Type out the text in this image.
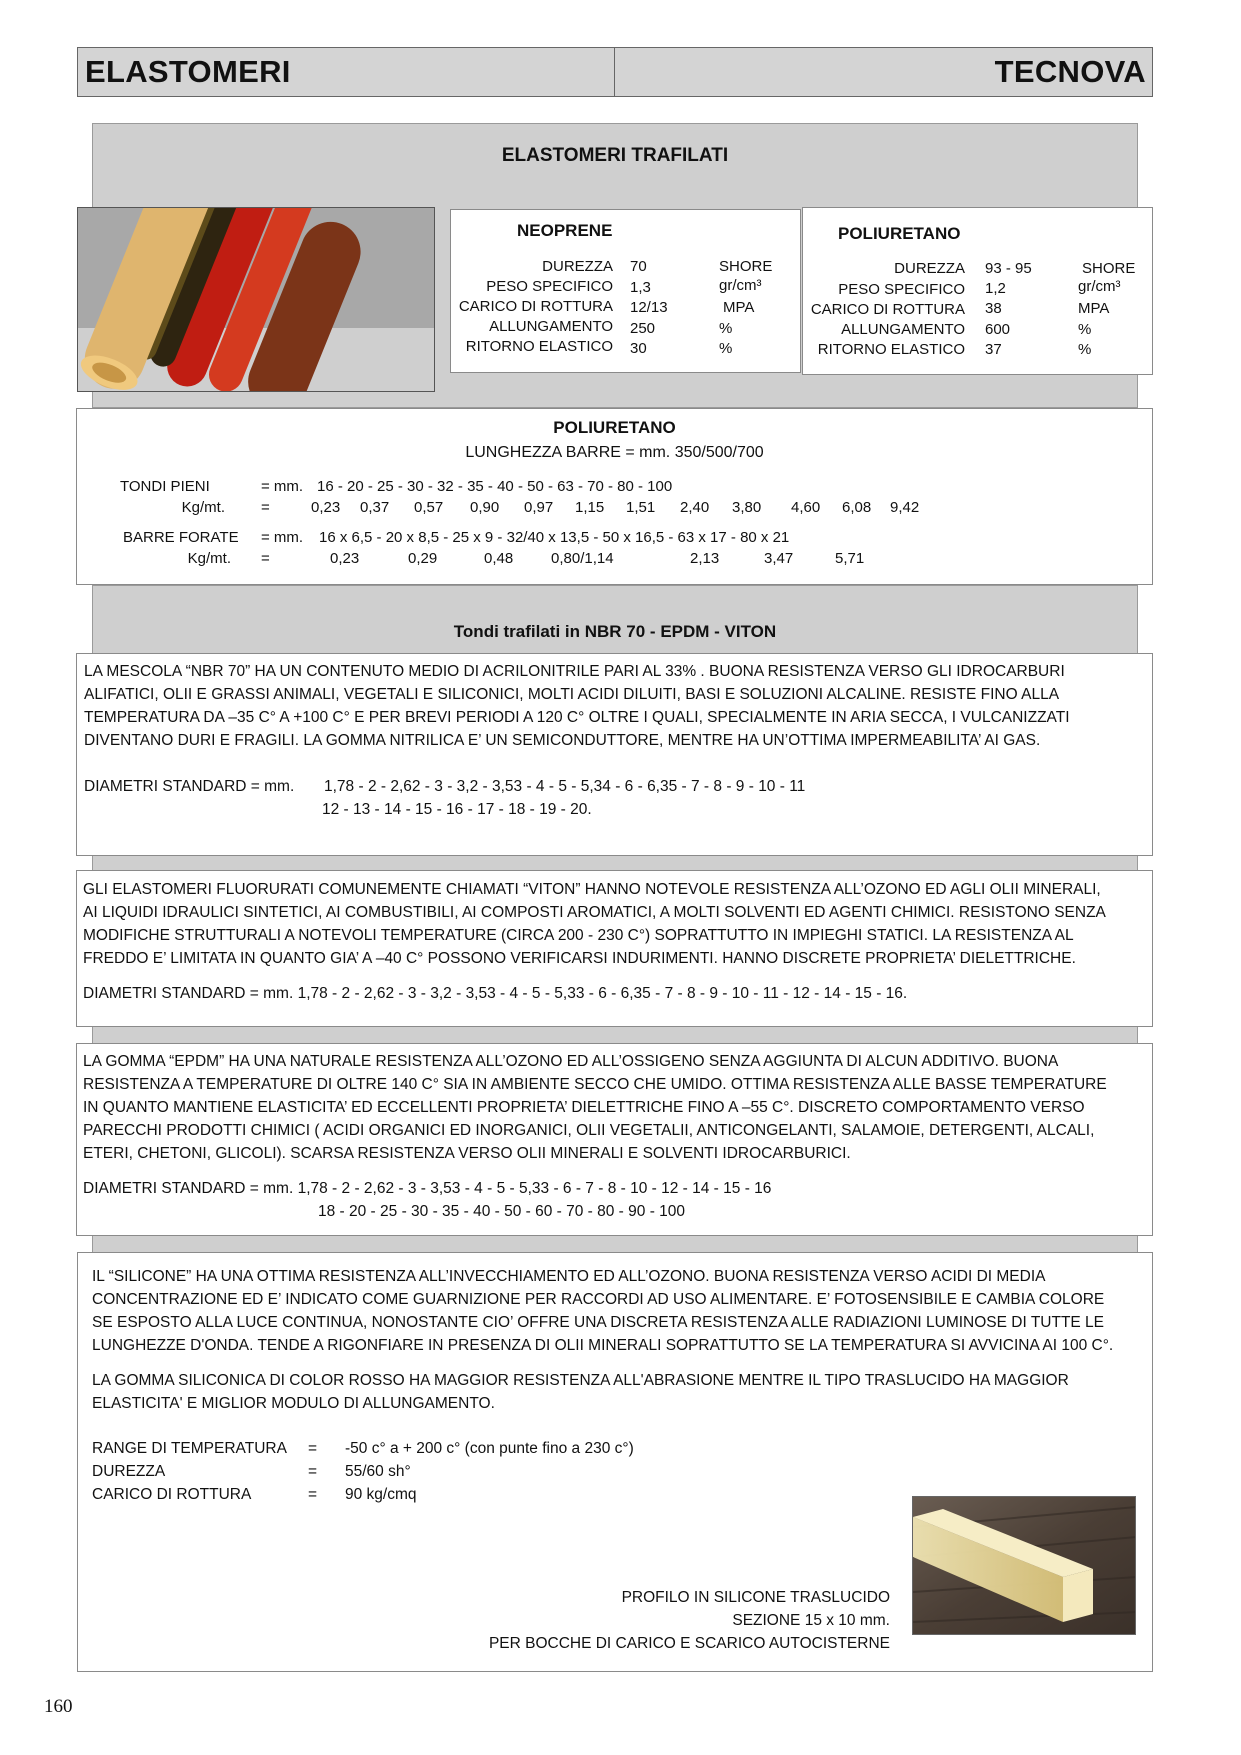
ELASTOMERI	TECNOVA
ELASTOMERI TRAFILATI
NEOPRENE
DUREZZA 70	SHORE
PESO SPECIFICO 1,3	gr/cm³
CARICO DI ROTTURA 12/13	MPA
ALLUNGAMENTO 250	%
RITORNO ELASTICO 30	%
POLIURETANO
DUREZZA 93 - 95	SHORE
PESO SPECIFICO 1,2	gr/cm³
CARICO DI ROTTURA 38	MPA
ALLUNGAMENTO 600	%
RITORNO ELASTICO 37	%
POLIURETANO
LUNGHEZZA BARRE = mm. 350/500/700
TONDI PIENI	= mm. 16 - 20 - 25 - 30 - 32 - 35 - 40 - 50 - 63 - 70 - 80 - 100
Kg/mt. =	0,23 0,37 0,57 0,90 0,97 1,15 1,51 2,40 3,80 4,60 6,08 9,42
BARRE FORATE = mm. 16 x 6,5 - 20 x 8,5 - 25 x 9 - 32/40 x 13,5 - 50 x 16,5 - 63 x 17 - 80 x 21
Kg/mt. =	0,23	0,29	0,48	0,80/1,14	2,13	3,47	5,71
Tondi trafilati in NBR 70 - EPDM - VITON
LA MESCOLA “NBR 70” HA UN CONTENUTO MEDIO DI ACRILONITRILE PARI AL 33% . BUONA RESISTENZA VERSO GLI IDROCARBURI
ALIFATICI, OLII E GRASSI ANIMALI, VEGETALI E SILICONICI, MOLTI ACIDI DILUITI, BASI E SOLUZIONI ALCALINE. RESISTE FINO ALLA
TEMPERATURA DA –35 C° A +100 C° E PER BREVI PERIODI A 120 C° OLTRE I QUALI, SPECIALMENTE IN ARIA SECCA, I VULCANIZZATI
DIVENTANO DURI E FRAGILI. LA GOMMA NITRILICA E’ UN SEMICONDUTTORE, MENTRE HA UN’OTTIMA IMPERMEABILITA’ AI GAS.
DIAMETRI STANDARD = mm. 1,78 - 2 - 2,62 - 3 - 3,2 - 3,53 - 4 - 5 - 5,34 - 6 - 6,35 - 7 - 8 - 9 - 10 - 11
12 - 13 - 14 - 15 - 16 - 17 - 18 - 19 - 20.
GLI ELASTOMERI FLUORURATI COMUNEMENTE CHIAMATI “VITON” HANNO NOTEVOLE RESISTENZA ALL’OZONO ED AGLI OLII MINERALI,
AI LIQUIDI IDRAULICI SINTETICI, AI COMBUSTIBILI, AI COMPOSTI AROMATICI, A MOLTI SOLVENTI ED AGENTI CHIMICI. RESISTONO SENZA
MODIFICHE STRUTTURALI A NOTEVOLI TEMPERATURE (CIRCA 200 - 230 C°) SOPRATTUTTO IN IMPIEGHI STATICI. LA RESISTENZA AL
FREDDO E’ LIMITATA IN QUANTO GIA’ A –40 C° POSSONO VERIFICARSI INDURIMENTI. HANNO DISCRETE PROPRIETA’ DIELETTRICHE.
DIAMETRI STANDARD = mm. 1,78 - 2 - 2,62 - 3 - 3,2 - 3,53 - 4 - 5 - 5,33 - 6 - 6,35 - 7 - 8 - 9 - 10 - 11 - 12 - 14 - 15 - 16.
LA GOMMA “EPDM” HA UNA NATURALE RESISTENZA ALL’OZONO ED ALL’OSSIGENO SENZA AGGIUNTA DI ALCUN ADDITIVO. BUONA
RESISTENZA A TEMPERATURE DI OLTRE 140 C° SIA IN AMBIENTE SECCO CHE UMIDO. OTTIMA RESISTENZA ALLE BASSE TEMPERATURE
IN QUANTO MANTIENE ELASTICITA’ ED ECCELLENTI PROPRIETA’ DIELETTRICHE FINO A –55 C°. DISCRETO COMPORTAMENTO VERSO
PARECCHI PRODOTTI CHIMICI ( ACIDI ORGANICI ED INORGANICI, OLII VEGETALII, ANTICONGELANTI, SALAMOIE, DETERGENTI, ALCALI,
ETERI, CHETONI, GLICOLI). SCARSA RESISTENZA VERSO OLII MINERALI E SOLVENTI IDROCARBURICI.
DIAMETRI STANDARD = mm. 1,78 - 2 - 2,62 - 3 - 3,53 - 4 - 5 - 5,33 - 6 - 7 - 8 - 10 - 12 - 14 - 15 - 16
18 - 20 - 25 - 30 - 35 - 40 - 50 - 60 - 70 - 80 - 90 - 100
IL “SILICONE” HA UNA OTTIMA RESISTENZA ALL’INVECCHIAMENTO ED ALL’OZONO. BUONA RESISTENZA VERSO ACIDI DI MEDIA
CONCENTRAZIONE ED E’ INDICATO COME GUARNIZIONE PER RACCORDI AD USO ALIMENTARE. E’ FOTOSENSIBILE E CAMBIA COLORE
SE ESPOSTO ALLA LUCE CONTINUA, NONOSTANTE CIO’ OFFRE UNA DISCRETA RESISTENZA ALLE RADIAZIONI LUMINOSE DI TUTTE LE
LUNGHEZZE D'ONDA. TENDE A RIGONFIARE IN PRESENZA DI OLII MINERALI SOPRATTUTTO SE LA TEMPERATURA SI AVVICINA AI 100 C°.
LA GOMMA SILICONICA DI COLOR ROSSO HA MAGGIOR RESISTENZA ALL'ABRASIONE MENTRE IL TIPO TRASLUCIDO HA MAGGIOR
ELASTICITA' E MIGLIOR MODULO DI ALLUNGAMENTO.
RANGE DI TEMPERATURA = -50 c° a + 200 c° (con punte fino a 230 c°)
DUREZZA	= 55/60 sh°
CARICO DI ROTTURA	= 90 kg/cmq
PROFILO IN SILICONE TRASLUCIDO
SEZIONE 15 x 10 mm.
PER BOCCHE DI CARICO E SCARICO AUTOCISTERNE
160
